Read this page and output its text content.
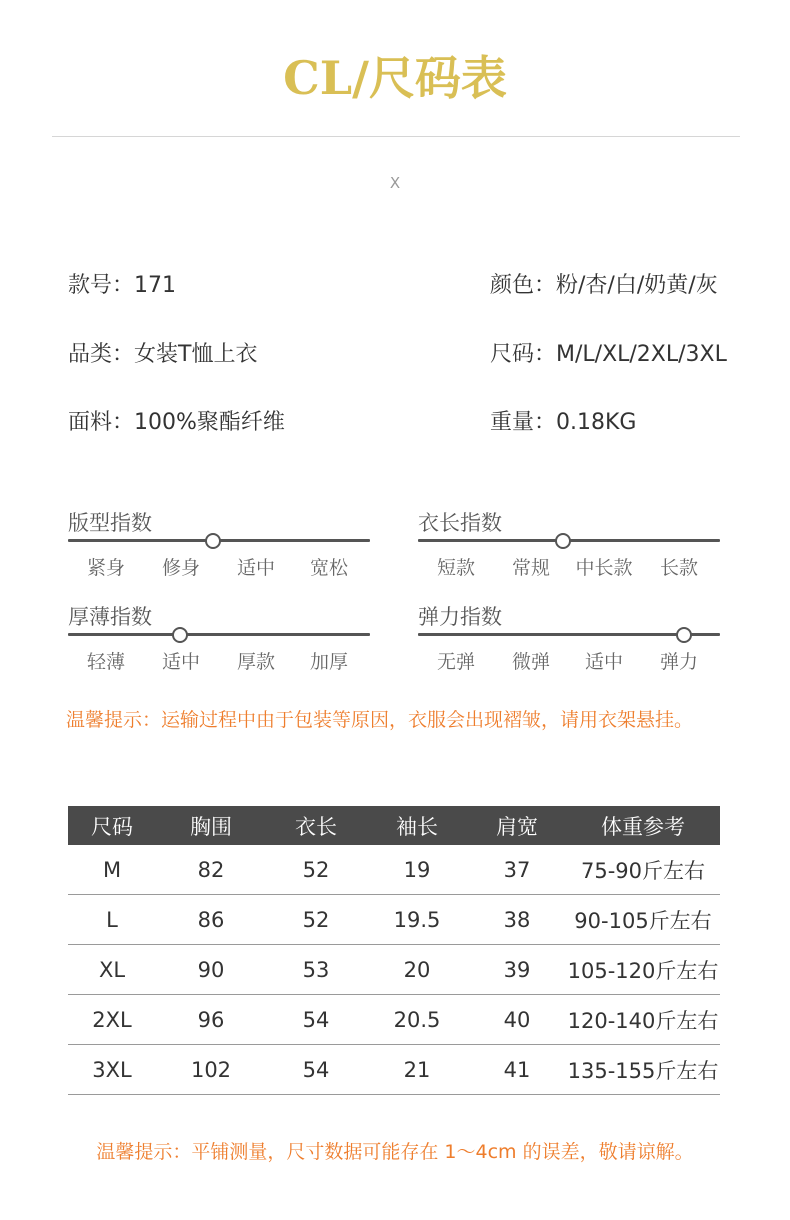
CL/尺码表
X
款号：171	颜色：粉/杏/白/奶黄/灰
品类：女装T恤上衣	尺码：M/L/XL/2XL/3XL
面料：100%聚酯纤维	重量：0.18KG
版型指数
紧身	修身	适中	宽松
衣长指数
短款	常规	中长款	长款
厚薄指数
轻薄	适中	厚款	加厚
弹力指数
无弹	微弹	适中	弹力
温馨提示：运输过程中由于包装等原因，衣服会出现褶皱，请用衣架悬挂。
尺码	胸围	衣长	袖长	肩宽	体重参考
M	82	52	19	37	75-90斤左右
L	86	52	19.5	38	90-105斤左右
XL	90	53	20	39	105-120斤左右
2XL	96	54	20.5	40	120-140斤左右
3XL	102	54	21	41	135-155斤左右
温馨提示：平铺测量，尺寸数据可能存在 1～4cm 的误差，敬请谅解。
